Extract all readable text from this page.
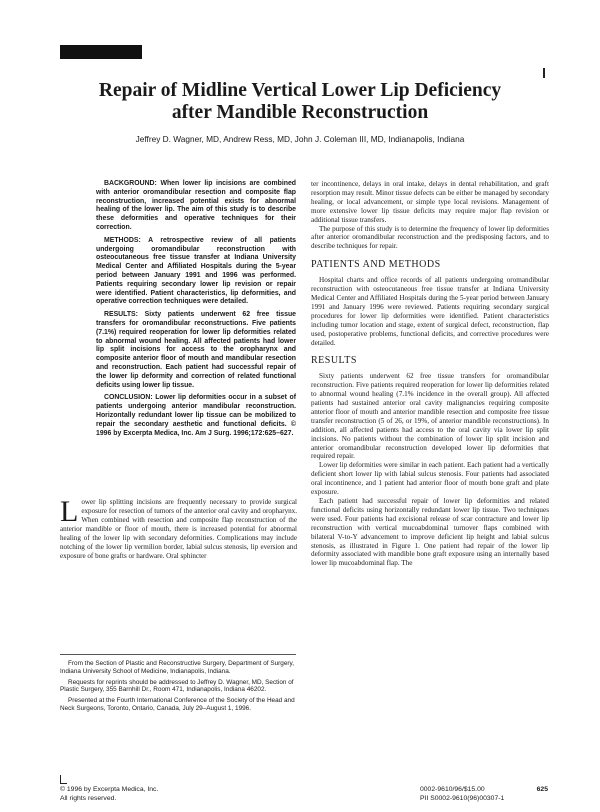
Repair of Midline Vertical Lower Lip Deficiency
after Mandible Reconstruction
Jeffrey D. Wagner, MD, Andrew Ress, MD, John J. Coleman III, MD, Indianapolis, Indiana

BACKGROUND: When lower lip incisions are combined with anterior oromandibular resection and composite flap reconstruction, increased potential exists for abnormal healing of the lower lip. The aim of this study is to describe these deformities and operative techniques for their correction.

METHODS: A retrospective review of all patients undergoing oromandibular reconstruction with osteocutaneous free tissue transfer at Indiana University Medical Center and Affiliated Hospitals during the 5-year period between January 1991 and 1996 was performed. Patients requiring secondary lower lip revision or repair were identified. Patient characteristics, lip deformities, and operative correction techniques were detailed.

RESULTS: Sixty patients underwent 62 free tissue transfers for oromandibular reconstructions. Five patients (7.1%) required reoperation for lower lip deformities related to abnormal wound healing. All affected patients had lower lip split incisions for access to the oropharynx and composite anterior floor of mouth and mandibular resection and reconstruction. Each patient had successful repair of the lower lip deformity and correction of related functional deficits using lower lip tissue.

CONCLUSION: Lower lip deformities occur in a subset of patients undergoing anterior mandibular reconstruction. Horizontally redundant lower lip tissue can be mobilized to repair the secondary aesthetic and functional deficits. © 1996 by Excerpta Medica, Inc. Am J Surg. 1996;172:625–627.

Lower lip splitting incisions are frequently necessary to provide surgical exposure for resection of tumors of the anterior oral cavity and oropharynx. When combined with resection and composite flap reconstruction of the anterior mandible or floor of mouth, there is increased potential for abnormal healing of the lower lip with secondary deformities. Complications may include notching of the lower lip vermilion border, labial sulcus stenosis, lip eversion and exposure of bone grafts or hardware. Oral sphincter

From the Section of Plastic and Reconstructive Surgery, Department of Surgery, Indiana University School of Medicine, Indianapolis, Indiana.

Requests for reprints should be addressed to Jeffrey D. Wagner, MD, Section of Plastic Surgery, 355 Barnhill Dr., Room 471, Indianapolis, Indiana 46202.

Presented at the Fourth International Conference of the Society of the Head and Neck Surgeons, Toronto, Ontario, Canada, July 29–August 1, 1996.

ter incontinence, delays in oral intake, delays in dental rehabilitation, and graft resorption may result. Minor tissue defects can be either be managed by secondary healing, or local advancement, or simple type local revisions. Management of more extensive lower lip tissue deficits may require major flap revision or additional tissue transfers.

The purpose of this study is to determine the frequency of lower lip deformities after anterior oromandibular reconstruction and the predisposing factors, and to describe techniques for repair.

PATIENTS AND METHODS

Hospital charts and office records of all patients undergoing oromandibular reconstruction with osteocutaneous free tissue transfer at Indiana University Medical Center and Affiliated Hospitals during the 5-year period between January 1991 and January 1996 were reviewed. Patients requiring secondary surgical procedures for lower lip deformities were identified. Patient characteristics including tumor location and stage, extent of surgical defect, reconstruction, flap used, postoperative problems, functional deficits, and corrective procedures were detailed.

RESULTS

Sixty patients underwent 62 free tissue transfers for oromandibular reconstruction. Five patients required reoperation for lower lip deformities related to abnormal wound healing (7.1% incidence in the overall group). All affected patients had sustained anterior oral cavity malignancies requiring composite anterior floor of mouth and anterior mandible resection and composite free tissue transfer reconstruction (5 of 26, or 19%, of anterior mandible reconstructions). In addition, all affected patients had access to the oral cavity via lower lip split incisions. No patients without the combination of lower lip split incision and anterior oromandibular reconstruction developed lower lip deformities that required repair.

Lower lip deformities were similar in each patient. Each patient had a vertically deficient short lower lip with labial sulcus stenosis. Four patients had associated oral incontinence, and 1 patient had anterior floor of mouth bone graft and plate exposure.

Each patient had successful repair of lower lip deformities and related functional deficits using horizontally redundant lower lip tissue. Two techniques were used. Four patients had excisional release of scar contracture and lower lip reconstruction with vertical mucoabdominal turnover flaps combined with bilateral V-to-Y advancement to improve deficient lip height and labial sulcus stenosis, as illustrated in Figure 1. One patient had repair of the lower lip deformity associated with mandible bone graft exposure using an internally based lower lip mucoabdominal flap. The

© 1996 by Excerpta Medica, Inc.
All rights reserved.
0002-9610/96/$15.00
PII S0002-9610(96)00307-1
625
